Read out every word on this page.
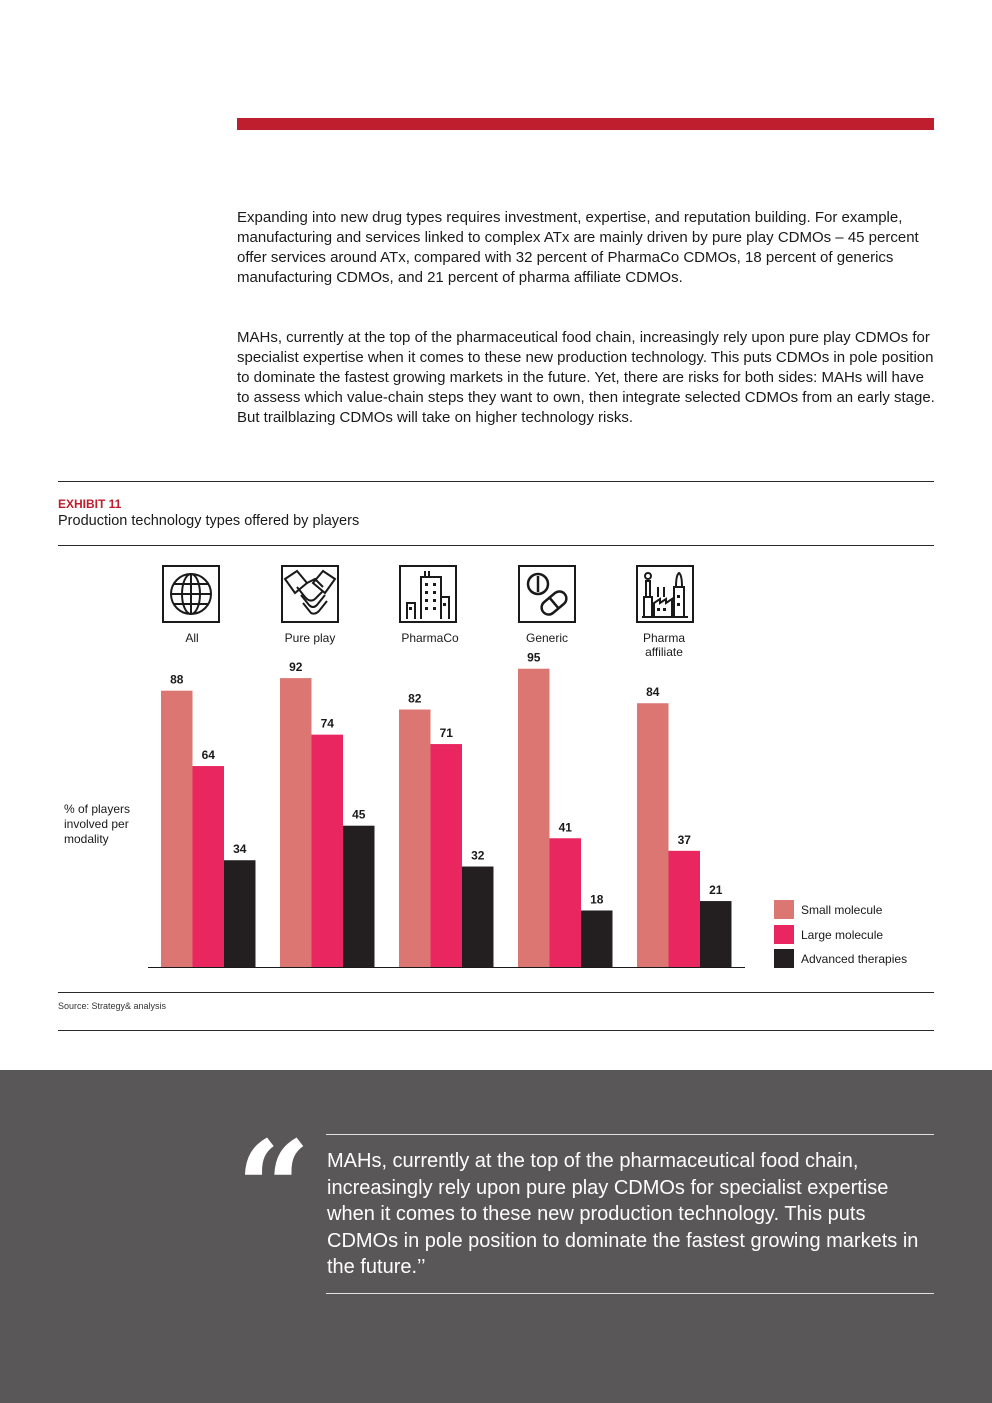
Expanding into new drug types requires investment, expertise, and reputation building. For example, manufacturing and services linked to complex ATx are mainly driven by pure play CDMOs – 45 percent offer services around ATx, compared with 32 percent of PharmaCo CDMOs, 18 percent of generics manufacturing CDMOs, and 21 percent of pharma affiliate CDMOs.

MAHs, currently at the top of the pharmaceutical food chain, increasingly rely upon pure play CDMOs for specialist expertise when it comes to these new production technology. This puts CDMOs in pole position to dominate the fastest growing markets in the future. Yet, there are risks for both sides: MAHs will have to assess which value-chain steps they want to own, then integrate selected CDMOs from an early stage. But trailblazing CDMOs will take on higher technology risks.

EXHIBIT 11
Production technology types offered by players
All	Pure play	PharmaCo	Generic	Pharma
affiliate
% of players involved per modality
88
64
34
92
74
45
82
71
32
95
41
18
84
37
21
Small molecule
Large molecule
Advanced therapies
Source: Strategy& analysis
“ MAHs, currently at the top of the pharmaceutical food chain, increasingly rely upon pure play CDMOs for specialist expertise when it comes to these new production technology. This puts CDMOs in pole position to dominate the fastest growing markets in the future.’’
